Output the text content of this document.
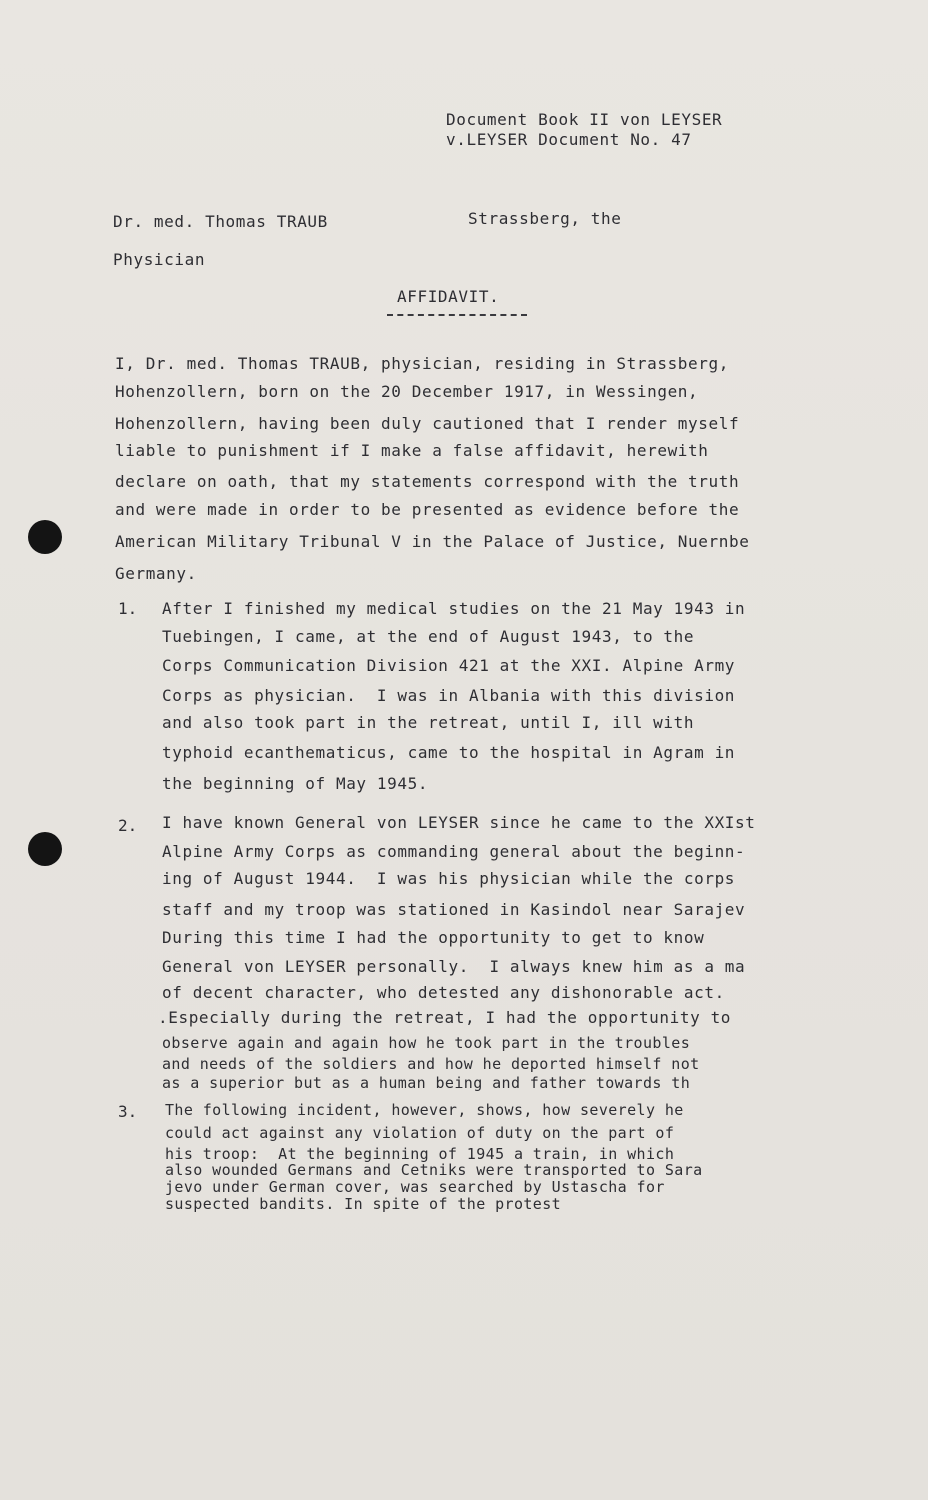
Document Book II von LEYSER
v.LEYSER Document No. 47
Dr. med. Thomas TRAUB	Strassberg, the
Physician
AFFIDAVIT.
I, Dr. med. Thomas TRAUB, physician, residing in Strassberg,
Hohenzollern, born on the 20 December 1917, in Wessingen,
Hohenzollern, having been duly cautioned that I render myself
liable to punishment if I make a false affidavit, herewith
declare on oath, that my statements correspond with the truth
and were made in order to be presented as evidence before the
American Military Tribunal V in the Palace of Justice, Nuernbe
Germany.
1. After I finished my medical studies on the 21 May 1943 in
Tuebingen, I came, at the end of August 1943, to the
Corps Communication Division 421 at the XXI. Alpine Army
Corps as physician.  I was in Albania with this division
and also took part in the retreat, until I, ill with
typhoid ecanthematicus, came to the hospital in Agram in
the beginning of May 1945.
2. I have known General von LEYSER since he came to the XXIst
Alpine Army Corps as commanding general about the beginn-
ing of August 1944.  I was his physician while the corps
staff and my troop was stationed in Kasindol near Sarajev
During this time I had the opportunity to get to know
General von LEYSER personally.  I always knew him as a ma
of decent character, who detested any dishonorable act.
.Especially during the retreat, I had the opportunity to
observe again and again how he took part in the troubles
and needs of the soldiers and how he deported himself not
as a superior but as a human being and father towards th
3. The following incident, however, shows, how severely he
could act against any violation of duty on the part of
his troop:  At the beginning of 1945 a train, in which
also wounded Germans and Cetniks were transported to Sara
jevo under German cover, was searched by Ustascha for
suspected bandits. In spite of the protest
